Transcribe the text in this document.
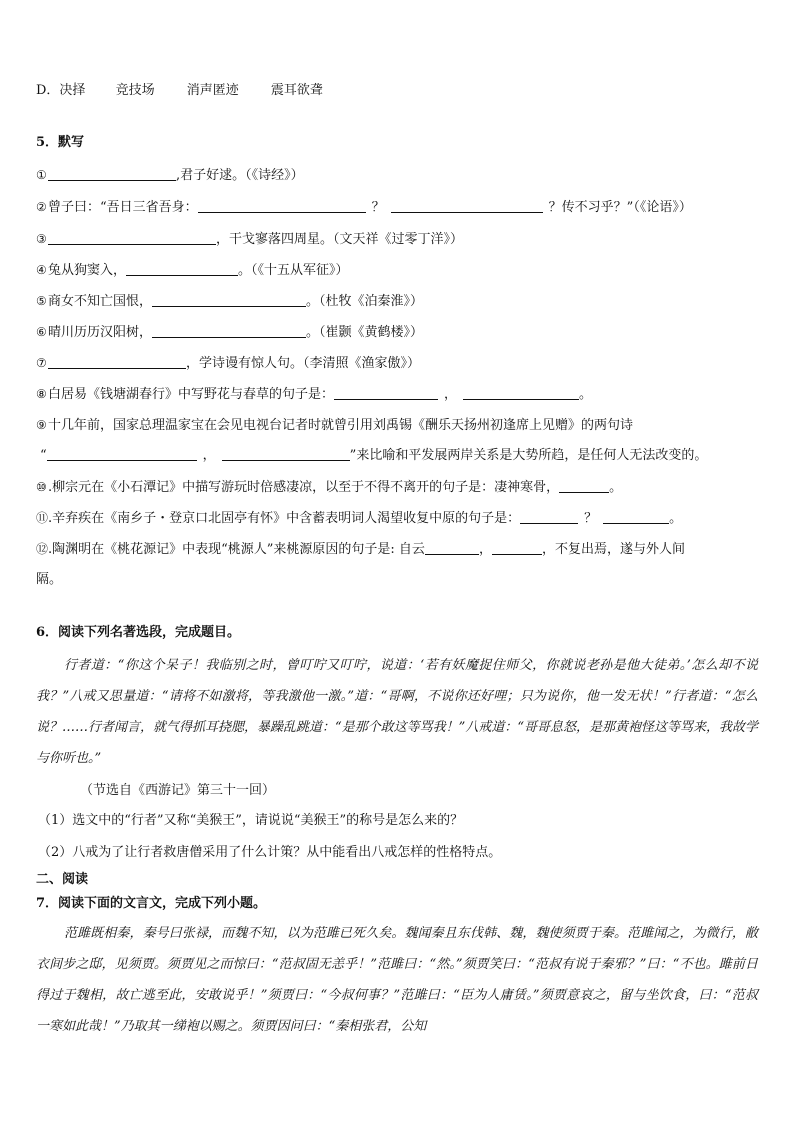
D．决择 竞技场 消声匿迹 震耳欲聋
5．默写
①	,君子好逑。（《诗经》）
②曾子曰：“吾日三省吾身：	？	？传不习乎？”（《论语》）
③	，干戈寥落四周星。（文天祥《过零丁洋》）
④兔从狗窦入，	。（《十五从军征》）
⑤商女不知亡国恨，	。（杜牧《泊秦淮》）
⑥晴川历历汉阳树，	。（崔颢《黄鹤楼》）
⑦	，学诗谩有惊人句。（李清照《渔家傲》）
⑧白居易《钱塘湖春行》中写野花与春草的句子是：	，	。
⑨十几年前，国家总理温家宝在会见电视台记者时就曾引用刘禹锡《酬乐天扬州初逢席上见赠》的两句诗
“	，	”来比喻和平发展两岸关系是大势所趋，是任何人无法改变的。
⑩.柳宗元在《小石潭记》中描写游玩时倍感凄凉，以至于不得不离开的句子是：凄神寒骨，	。
⑪.辛弃疾在《南乡子・登京口北固亭有怀》中含蓄表明词人渴望收复中原的句子是：	？	。
⑫.陶渊明在《桃花源记》中表现“桃源人”来桃源原因的句子是: 自云	，	，不复出焉，遂与外人间
隔。
6．阅读下列名著选段，完成题目。
行者道：“你这个呆子！我临别之时，曾叮咛又叮咛，说道：‘若有妖魔捉住师父，你就说老孙是他大徒弟。’怎么却不说我？”八戒又思量道：“请将不如激将，等我激他一激。”道：“哥啊，不说你还好哩；只为说你，他一发无状！”行者道：“怎么说？……行者闻言，就气得抓耳挠腮，暴躁乱跳道：“是那个敢这等骂我！”八戒道：“哥哥息怒，是那黄袍怪这等骂来，我故学与你听也。”
（节选自《西游记》第三十一回）
（1）选文中的“行者”又称“美猴王”，请说说“美猴王”的称号是怎么来的？
（2）八戒为了让行者救唐僧采用了什么计策？从中能看出八戒怎样的性格特点。
二、阅读
7．阅读下面的文言文，完成下列小题。
范雎既相秦，秦号曰张禄，而魏不知，以为范雎已死久矣。魏闻秦且东伐韩、魏，魏使须贾于秦。范雎闻之，为微行，敝衣间步之邸，见须贾。须贾见之而惊曰：“范叔固无恙乎！”范雎曰：“然。”须贾笑曰：“范叔有说于秦邪？”曰：“不也。雎前日得过于魏相，故亡逃至此，安敢说乎！”须贾曰：“今叔何事？”范雎曰：“臣为人庸赁。”须贾意哀之，留与坐饮食，曰：“范叔一寒如此哉！”乃取其一绨袍以赐之。须贾因问曰：“秦相张君，公知
